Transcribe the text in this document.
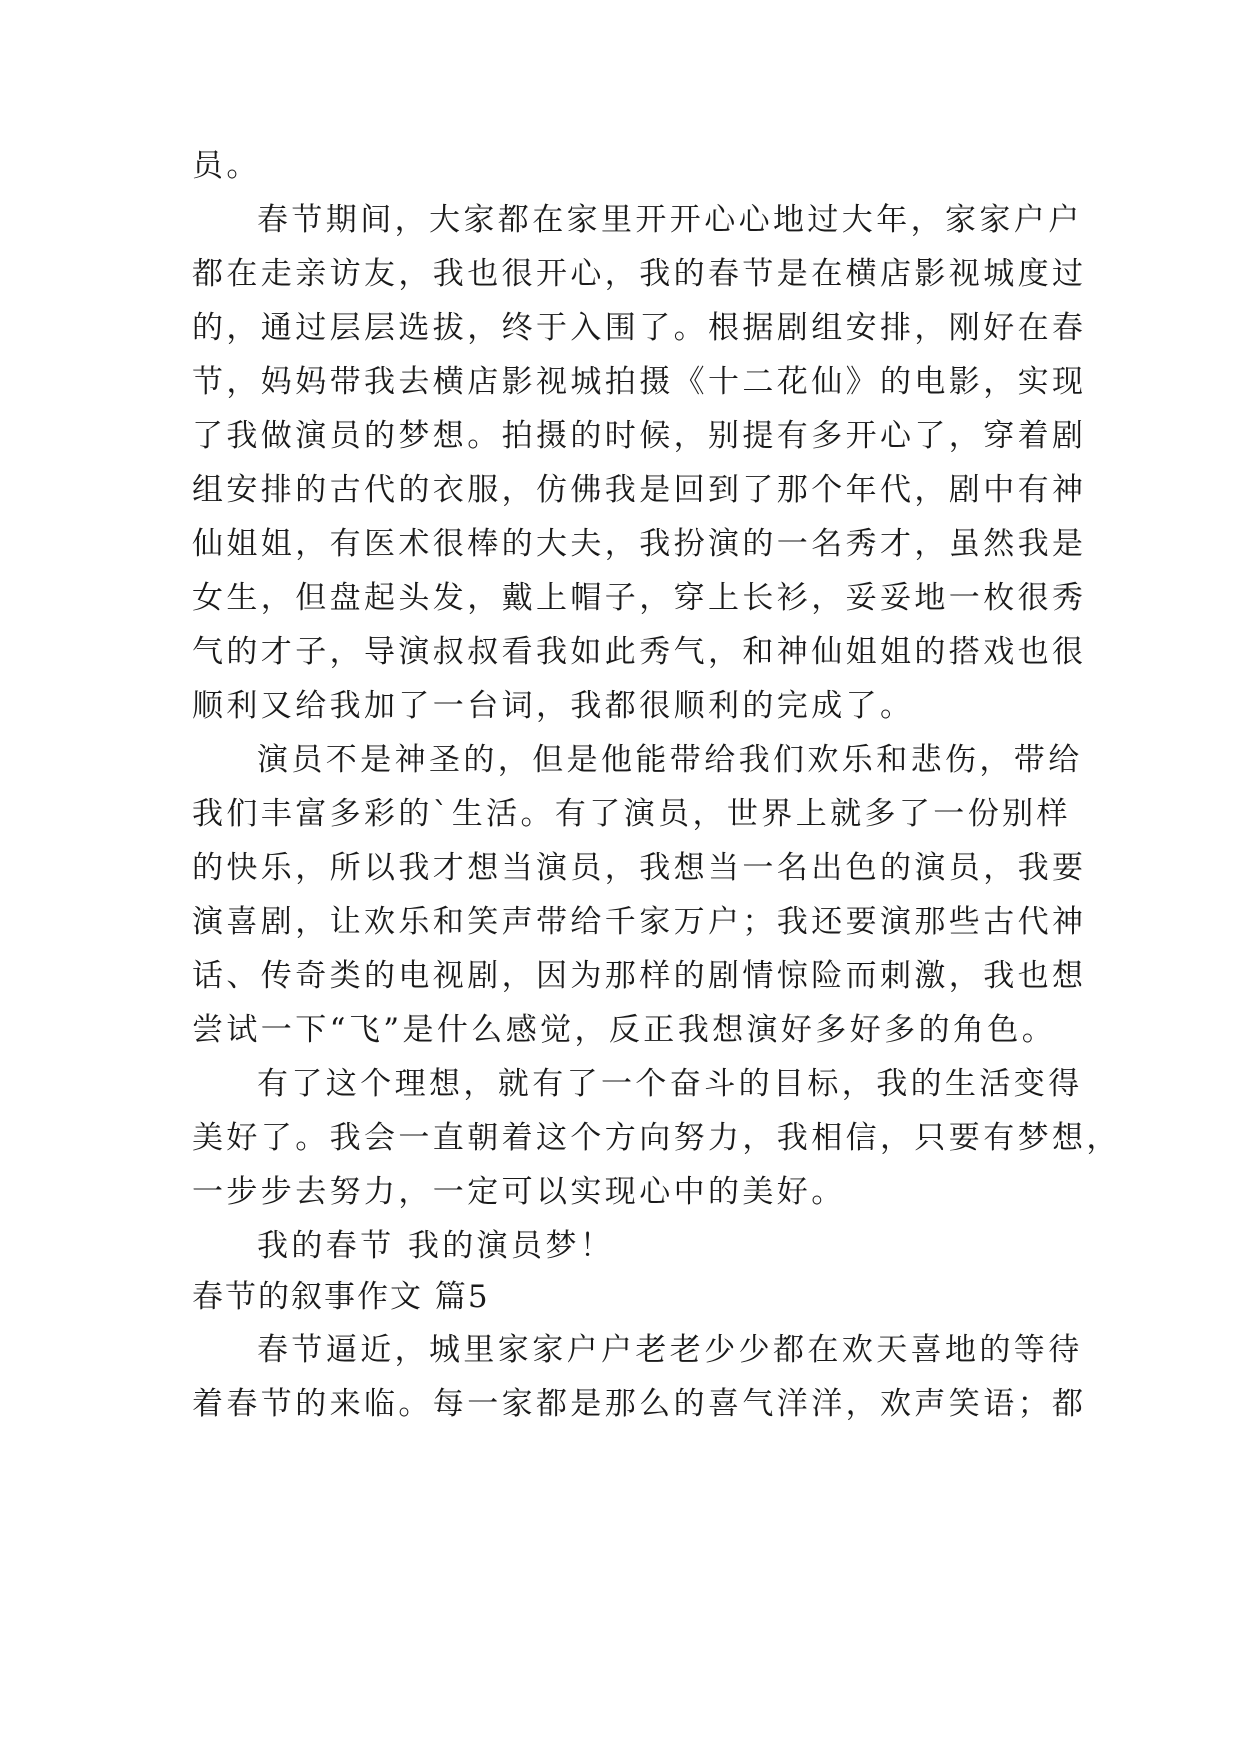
员。
春节期间，大家都在家里开开心心地过大年，家家户户
都在走亲访友，我也很开心，我的春节是在横店影视城度过
的，通过层层选拔，终于入围了。根据剧组安排，刚好在春
节，妈妈带我去横店影视城拍摄《十二花仙》的电影，实现
了我做演员的梦想。拍摄的时候，别提有多开心了，穿着剧
组安排的古代的衣服，仿佛我是回到了那个年代，剧中有神
仙姐姐，有医术很棒的大夫，我扮演的一名秀才，虽然我是
女生，但盘起头发，戴上帽子，穿上长衫，妥妥地一枚很秀
气的才子，导演叔叔看我如此秀气，和神仙姐姐的搭戏也很
顺利又给我加了一台词，我都很顺利的完成了。
演员不是神圣的，但是他能带给我们欢乐和悲伤，带给
我们丰富多彩的`生活。有了演员，世界上就多了一份别样
的快乐，所以我才想当演员，我想当一名出色的演员，我要
演喜剧，让欢乐和笑声带给千家万户；我还要演那些古代神
话、传奇类的电视剧，因为那样的剧情惊险而刺激，我也想
尝试一下“飞”是什么感觉，反正我想演好多好多的角色。
有了这个理想，就有了一个奋斗的目标，我的生活变得
美好了。我会一直朝着这个方向努力，我相信，只要有梦想，
一步步去努力，一定可以实现心中的美好。
我的春节 我的演员梦！
春节的叙事作文 篇5
春节逼近，城里家家户户老老少少都在欢天喜地的等待
着春节的来临。每一家都是那么的喜气洋洋，欢声笑语；都
